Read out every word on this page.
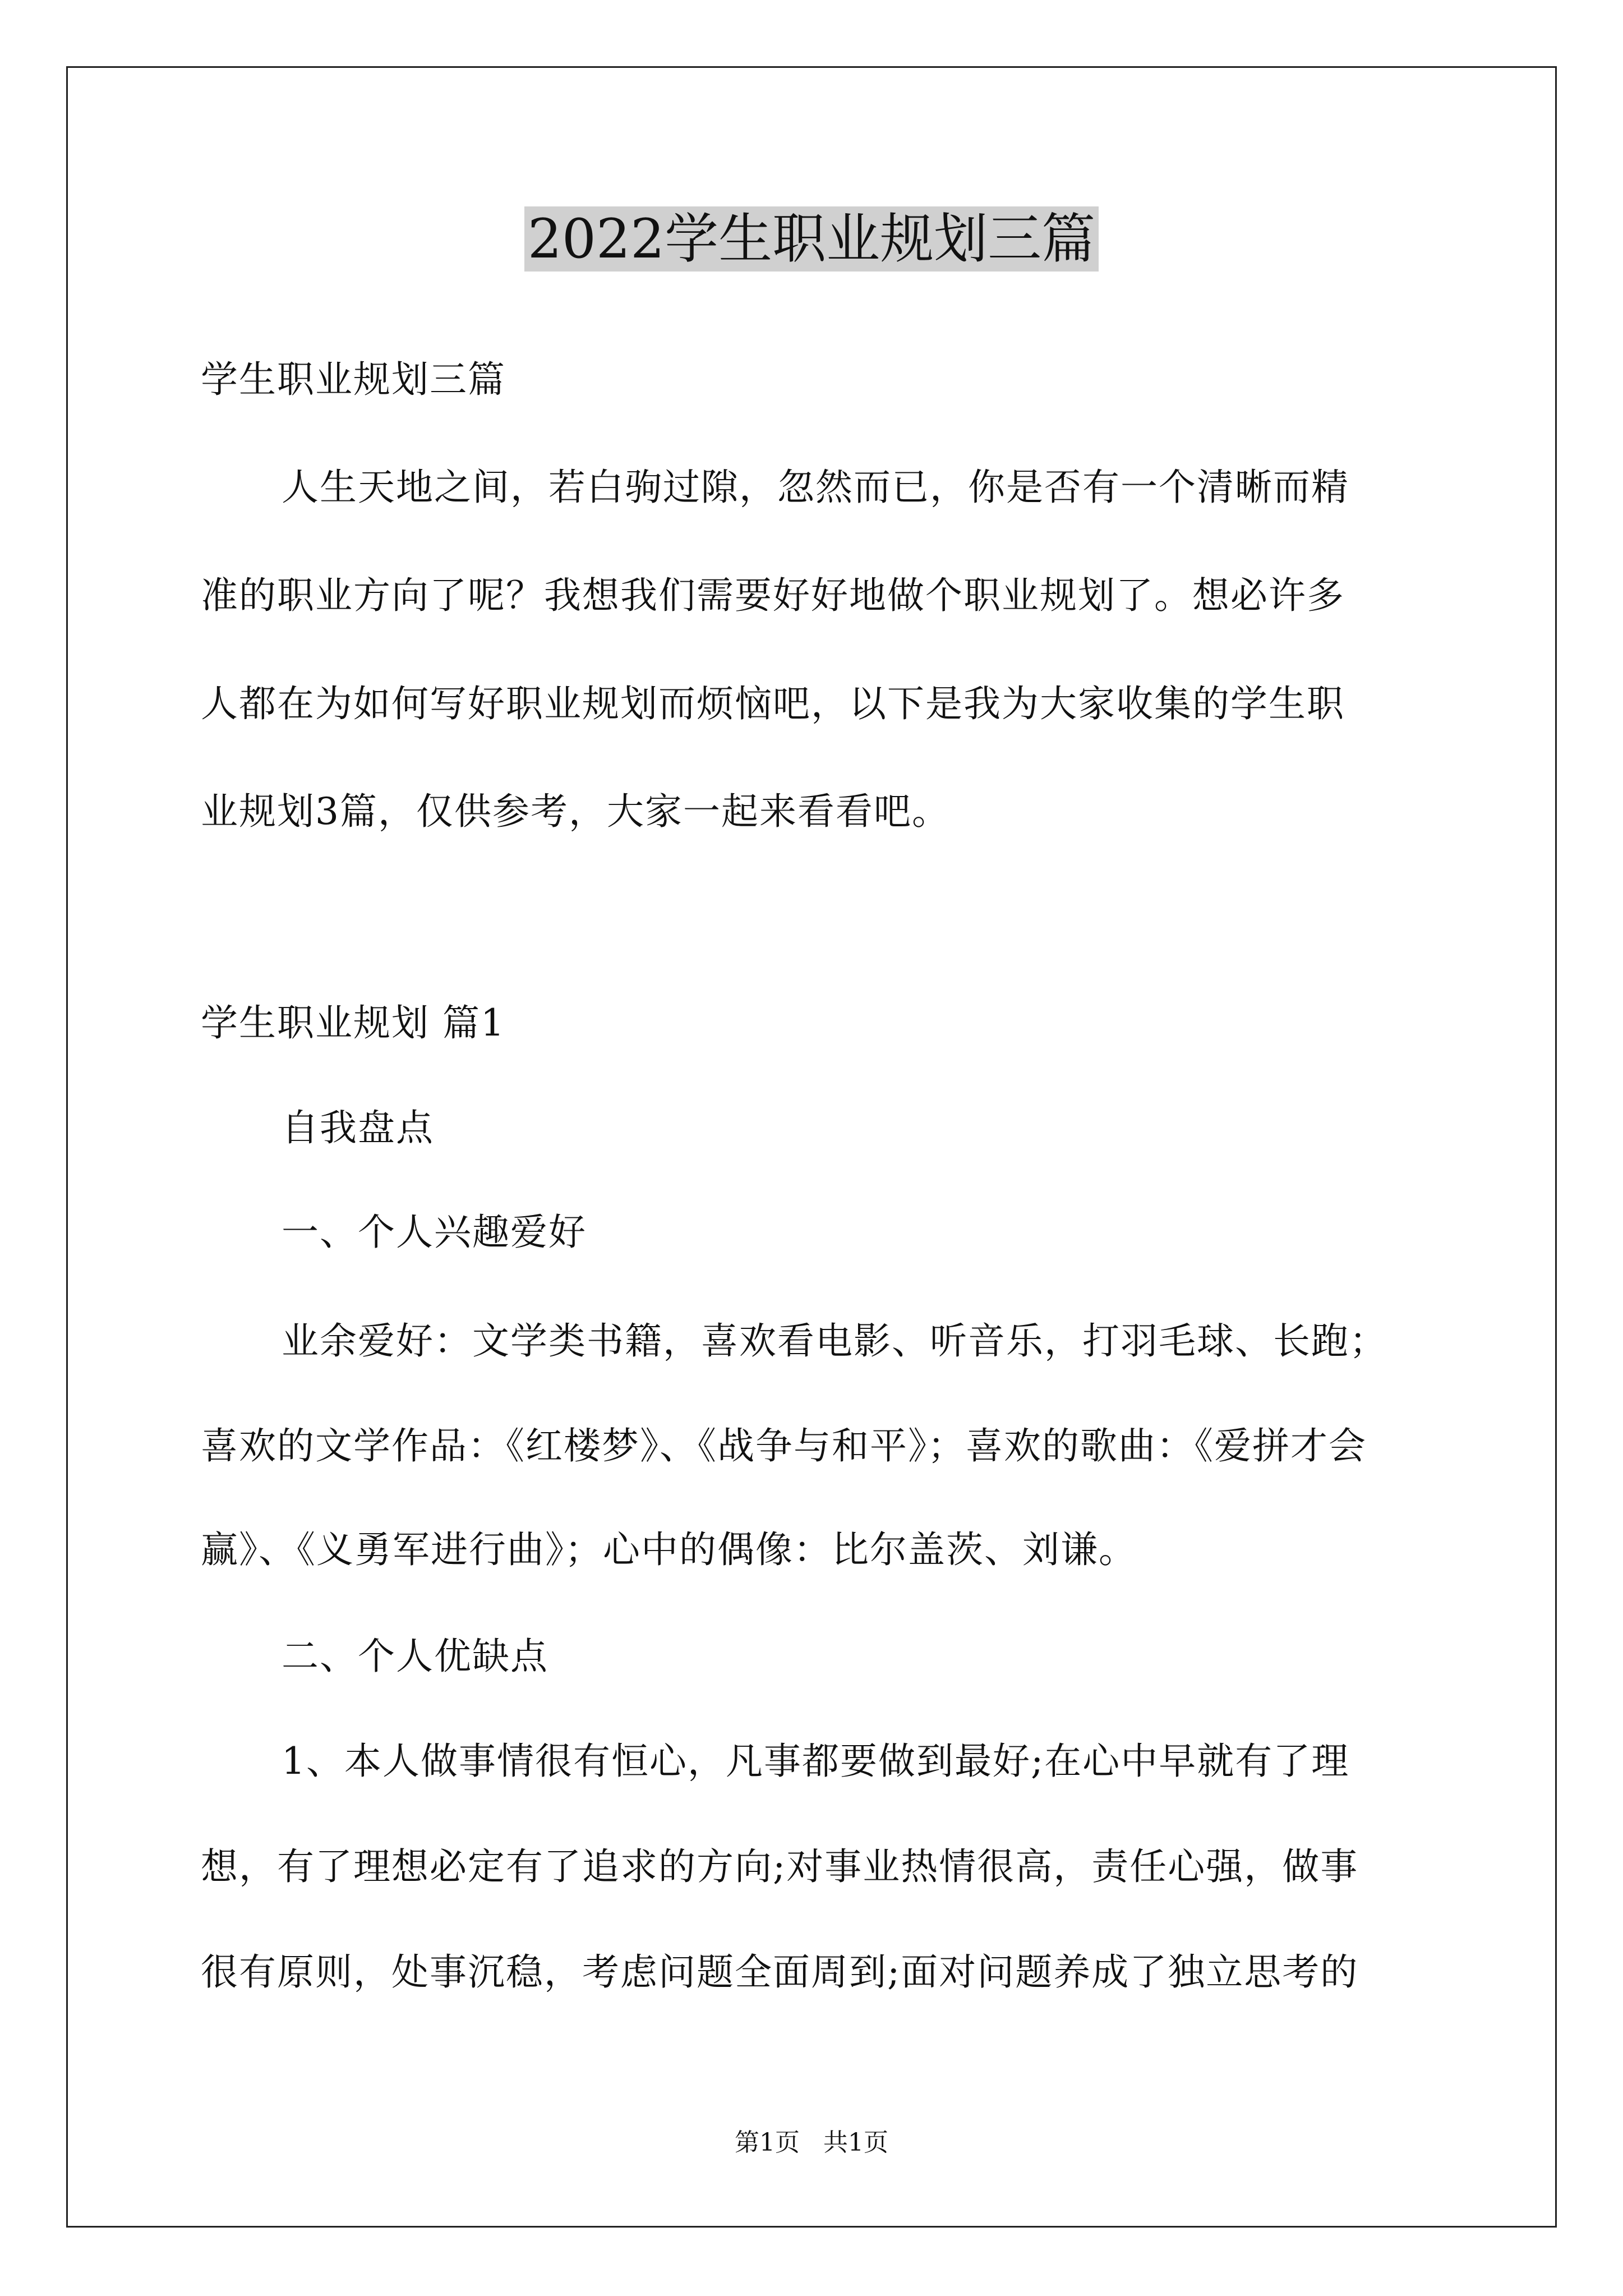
2022学生职业规划三篇
学生职业规划三篇
人生天地之间，若白驹过隙，忽然而已，你是否有一个清晰而精
准的职业方向了呢？我想我们需要好好地做个职业规划了。想必许多
人都在为如何写好职业规划而烦恼吧，以下是我为大家收集的学生职
业规划3篇，仅供参考，大家一起来看看吧。
学生职业规划 篇1
自我盘点
一、个人兴趣爱好
业余爱好：文学类书籍，喜欢看电影、听音乐，打羽毛球、长跑；
喜欢的文学作品：《红楼梦》、《战争与和平》；喜欢的歌曲：《爱拼才会
赢》、《义勇军进行曲》；心中的偶像：比尔盖茨、刘谦。
二、个人优缺点
1、本人做事情很有恒心，凡事都要做到最好;在心中早就有了理
想，有了理想必定有了追求的方向;对事业热情很高，责任心强，做事
很有原则，处事沉稳，考虑问题全面周到;面对问题养成了独立思考的
第1页 共1页
